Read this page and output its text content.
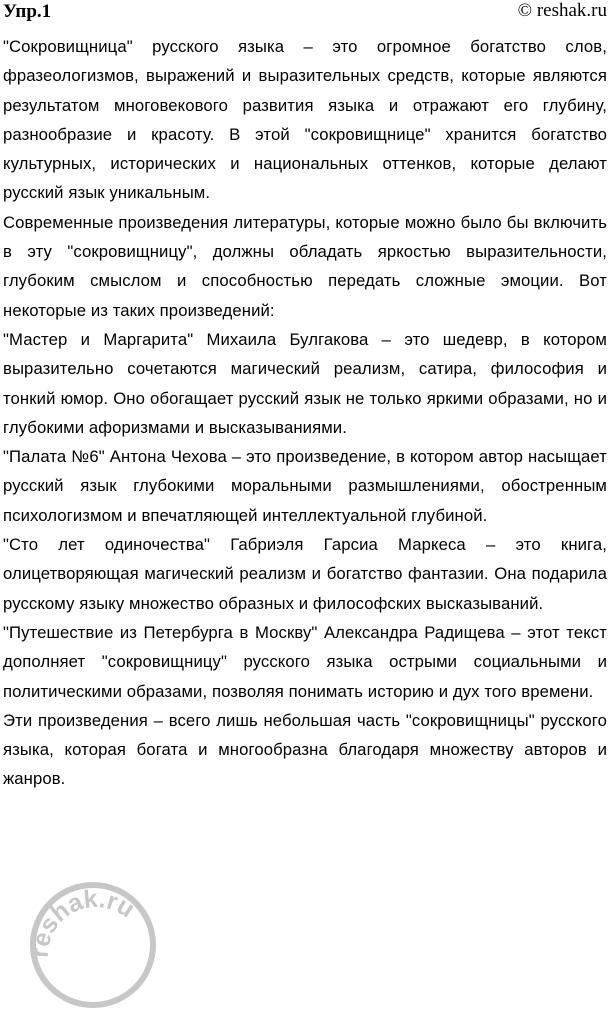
Упр.1	© reshak.ru

"Сокровищница" русского языка – это огромное богатство слов, фразеологизмов, выражений и выразительных средств, которые являются результатом многовекового развития языка и отражают его глубину, разнообразие и красоту. В этой "сокровищнице" хранится богатство культурных, исторических и национальных оттенков, которые делают русский язык уникальным.

Современные произведения литературы, которые можно было бы включить в эту "сокровищницу", должны обладать яркостью выразительности, глубоким смыслом и способностью передать сложные эмоции. Вот некоторые из таких произведений:

"Мастер и Маргарита" Михаила Булгакова – это шедевр, в котором выразительно сочетаются магический реализм, сатира, философия и тонкий юмор. Оно обогащает русский язык не только яркими образами, но и глубокими афоризмами и высказываниями.

"Палата №6" Антона Чехова – это произведение, в котором автор насыщает русский язык глубокими моральными размышлениями, обостренным психологизмом и впечатляющей интеллектуальной глубиной.

"Сто лет одиночества" Габриэля Гарсиа Маркеса – это книга, олицетворяющая магический реализм и богатство фантазии. Она подарила русскому языку множество образных и философских высказываний.

"Путешествие из Петербурга в Москву" Александра Радищева – этот текст дополняет "сокровищницу" русского языка острыми социальными и политическими образами, позволяя понимать историю и дух того времени.

Эти произведения – всего лишь небольшая часть "сокровищницы" русского языка, которая богата и многообразна благодаря множеству авторов и жанров.

reshak.ru
